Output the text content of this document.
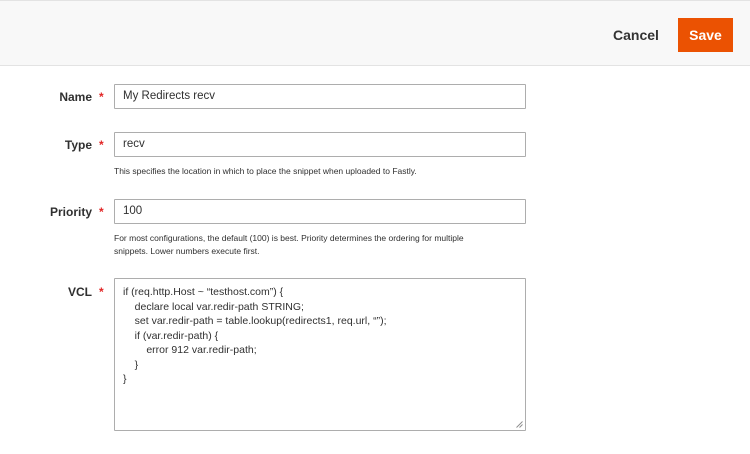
Cancel	Save
Name *	My Redirects recv
Type *	recv
This specifies the location in which to place the snippet when uploaded to Fastly.
Priority *	100
For most configurations, the default (100) is best. Priority determines the ordering for multiple
snippets. Lower numbers execute first.
VCL * if (req.http.Host ~ “testhost.com”) {
declare local var.redir-path STRING;
set var.redir-path = table.lookup(redirects1, req.url, “”);
if (var.redir-path) {
error 912 var.redir-path;
}
}
